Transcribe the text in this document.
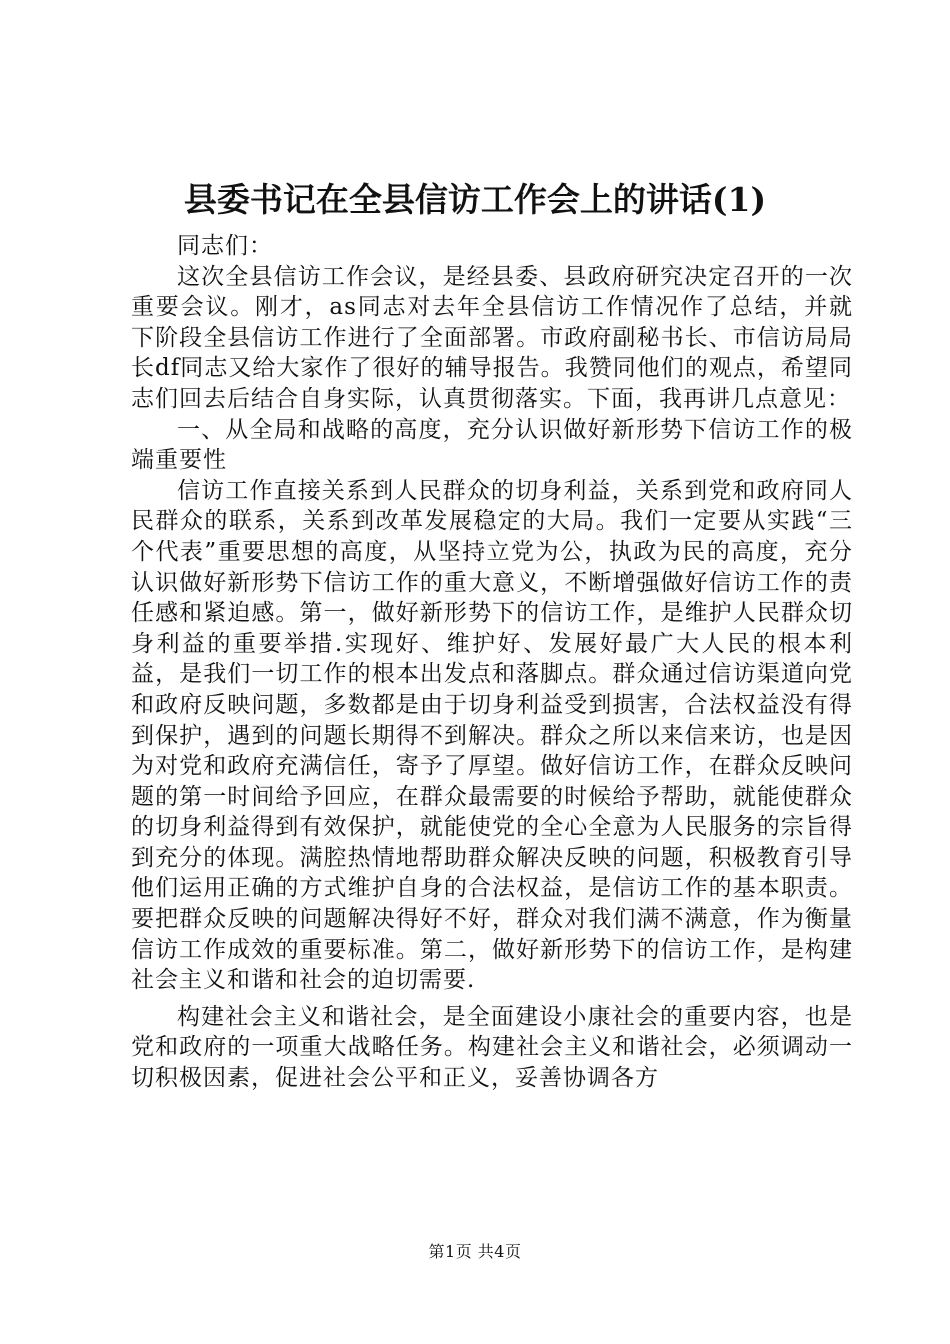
县委书记在全县信访工作会上的讲话(1)

同志们：

这次全县信访工作会议，是经县委、县政府研究决定召开的一次重要会议。刚才，as同志对去年全县信访工作情况作了总结，并就下阶段全县信访工作进行了全面部署。市政府副秘书长、市信访局局长df同志又给大家作了很好的辅导报告。我赞同他们的观点，希望同志们回去后结合自身实际，认真贯彻落实。下面，我再讲几点意见：

一、从全局和战略的高度，充分认识做好新形势下信访工作的极端重要性

信访工作直接关系到人民群众的切身利益，关系到党和政府同人民群众的联系，关系到改革发展稳定的大局。我们一定要从实践“三个代表”重要思想的高度，从坚持立党为公，执政为民的高度，充分认识做好新形势下信访工作的重大意义，不断增强做好信访工作的责任感和紧迫感。第一，做好新形势下的信访工作，是维护人民群众切身利益的重要举措.实现好、维护好、发展好最广大人民的根本利益，是我们一切工作的根本出发点和落脚点。群众通过信访渠道向党和政府反映问题，多数都是由于切身利益受到损害，合法权益没有得到保护，遇到的问题长期得不到解决。群众之所以来信来访，也是因为对党和政府充满信任，寄予了厚望。做好信访工作，在群众反映问题的第一时间给予回应，在群众最需要的时候给予帮助，就能使群众的切身利益得到有效保护，就能使党的全心全意为人民服务的宗旨得到充分的体现。满腔热情地帮助群众解决反映的问题，积极教育引导他们运用正确的方式维护自身的合法权益，是信访工作的基本职责。要把群众反映的问题解决得好不好，群众对我们满不满意，作为衡量信访工作成效的重要标准。第二，做好新形势下的信访工作，是构建社会主义和谐和社会的迫切需要.

构建社会主义和谐社会，是全面建设小康社会的重要内容，也是党和政府的一项重大战略任务。构建社会主义和谐社会，必须调动一切积极因素，促进社会公平和正义，妥善协调各方

第1页 共4页
